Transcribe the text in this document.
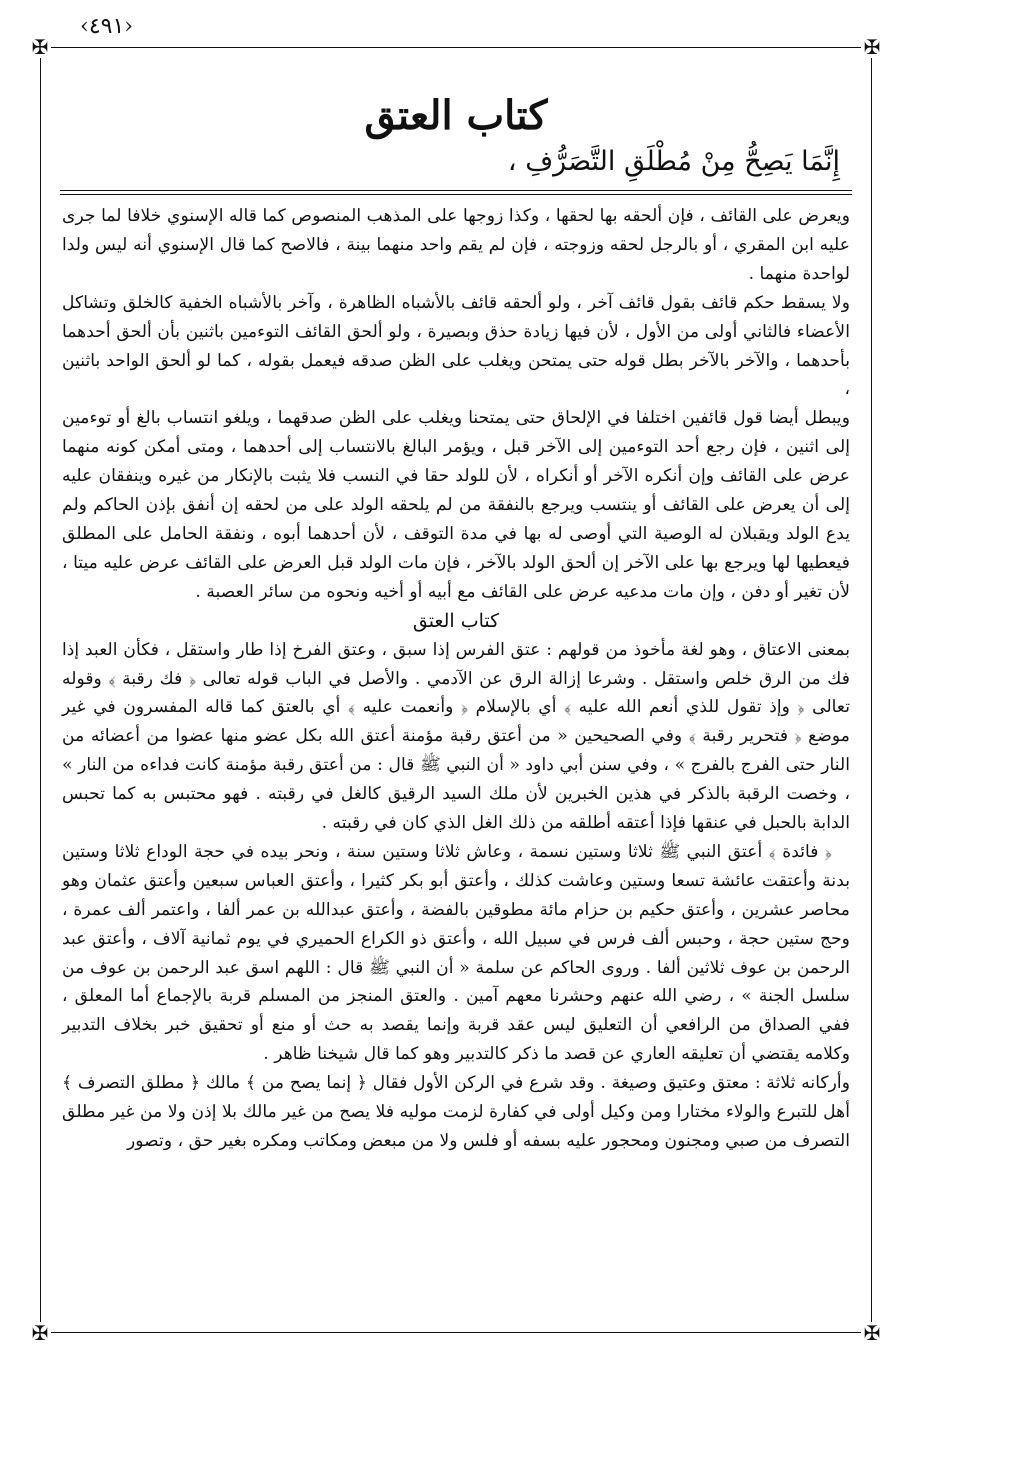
‹٤٩١›
✠	✠
✠	✠
كتاب العتق
إِنَّمَا يَصِحُّ مِنْ مُطْلَقِ التَّصَرُّفِ ،

ويعرض على القائف ، فإن ألحقه بها لحقها ، وكذا زوجها على المذهب المنصوص كما قاله الإسنوي خلافا لما جرى عليه ابن المقري ، أو بالرجل لحقه وزوجته ، فإن لم يقم واحد منهما بينة ، فالاصح كما قال الإسنوي أنه ليس ولدا لواحدة منهما .

ولا يسقط حكم قائف بقول قائف آخر ، ولو ألحقه قائف بالأشباه الظاهرة ، وآخر بالأشباه الخفية كالخلق وتشاكل الأعضاء فالثاني أولى من الأول ، لأن فيها زيادة حذق وبصيرة ، ولو ألحق القائف التوءمين باثنين بأن ألحق أحدهما بأحدهما ، والآخر بالآخر بطل قوله حتى يمتحن ويغلب على الظن صدقه فيعمل بقوله ، كما لو ألحق الواحد باثنين ،

ويبطل أيضا قول قائفين اختلفا في الإلحاق حتى يمتحنا ويغلب على الظن صدقهما ، ويلغو انتساب بالغ أو توءمين إلى اثنين ، فإن رجع أحد التوءمين إلى الآخر قبل ، ويؤمر البالغ بالانتساب إلى أحدهما ، ومتى أمكن كونه منهما عرض على القائف وإن أنكره الآخر أو أنكراه ، لأن للولد حقا في النسب فلا يثبت بالإنكار من غيره وينفقان عليه إلى أن يعرض على القائف أو ينتسب ويرجع بالنفقة من لم يلحقه الولد على من لحقه إن أنفق بإذن الحاكم ولم يدع الولد ويقبلان له الوصية التي أوصى له بها في مدة التوقف ، لأن أحدهما أبوه ، ونفقة الحامل على المطلق فيعطيها لها ويرجع بها على الآخر إن ألحق الولد بالآخر ، فإن مات الولد قبل العرض على القائف عرض عليه ميتا ، لأن تغير أو دفن ، وإن مات مدعيه عرض على القائف مع أبيه أو أخيه ونحوه من سائر العصبة .

كتاب العتق

بمعنى الاعتاق ، وهو لغة مأخوذ من قولهم : عتق الفرس إذا سبق ، وعتق الفرخ إذا طار واستقل ، فكأن العبد إذا فك من الرق خلص واستقل . وشرعا إزالة الرق عن الآدمي . والأصل في الباب قوله تعالى ﴿ فك رقبة ﴾ وقوله تعالى ﴿ وإذ تقول للذي أنعم الله عليه ﴾ أي بالإسلام ﴿ وأنعمت عليه ﴾ أي بالعتق كما قاله المفسرون في غير موضع ﴿ فتحرير رقبة ﴾ وفي الصحيحين « من أعتق رقبة مؤمنة أعتق الله بكل عضو منها عضوا من أعضائه من النار حتى الفرج بالفرج » ، وفي سنن أبي داود « أن النبي ﷺ قال : من أعتق رقبة مؤمنة كانت فداءه من النار » ، وخصت الرقبة بالذكر في هذين الخبرين لأن ملك السيد الرقيق كالغل في رقبته . فهو محتبس به كما تحبس الدابة بالحبل في عنقها فإذا أعتقه أطلقه من ذلك الغل الذي كان في رقبته .

﴿ فائدة ﴾ أعتق النبي ﷺ ثلاثا وستين نسمة ، وعاش ثلاثا وستين سنة ، ونحر بيده في حجة الوداع ثلاثا وستين بدنة وأعتقت عائشة تسعا وستين وعاشت كذلك ، وأعتق أبو بكر كثيرا ، وأعتق العباس سبعين وأعتق عثمان وهو محاصر عشرين ، وأعتق حكيم بن حزام مائة مطوقين بالفضة ، وأعتق عبدالله بن عمر ألفا ، واعتمر ألف عمرة ، وحج ستين حجة ، وحبس ألف فرس في سبيل الله ، وأعتق ذو الكراع الحميري في يوم ثمانية آلاف ، وأعتق عبد الرحمن بن عوف ثلاثين ألفا . وروى الحاكم عن سلمة « أن النبي ﷺ قال : اللهم اسق عبد الرحمن بن عوف من سلسل الجنة » ، رضي الله عنهم وحشرنا معهم آمين . والعتق المنجز من المسلم قربة بالإجماع أما المعلق ، ففي الصداق من الرافعي أن التعليق ليس عقد قربة وإنما يقصد به حث أو منع أو تحقيق خبر بخلاف التدبير وكلامه يقتضي أن تعليقه العاري عن قصد ما ذكر كالتدبير وهو كما قال شيخنا ظاهر .

وأركانه ثلاثة : معتق وعتيق وصيغة . وقد شرع في الركن الأول فقال ﴿ إنما يصح من ﴾ مالك ﴿ مطلق التصرف ﴾ أهل للتبرع والولاء مختارا ومن وكيل أولى في كفارة لزمت موليه فلا يصح من غير مالك بلا إذن ولا من غير مطلق التصرف من صبي ومجنون ومحجور عليه بسفه أو فلس ولا من مبعض ومكاتب ومكره بغير حق ، وتصور
